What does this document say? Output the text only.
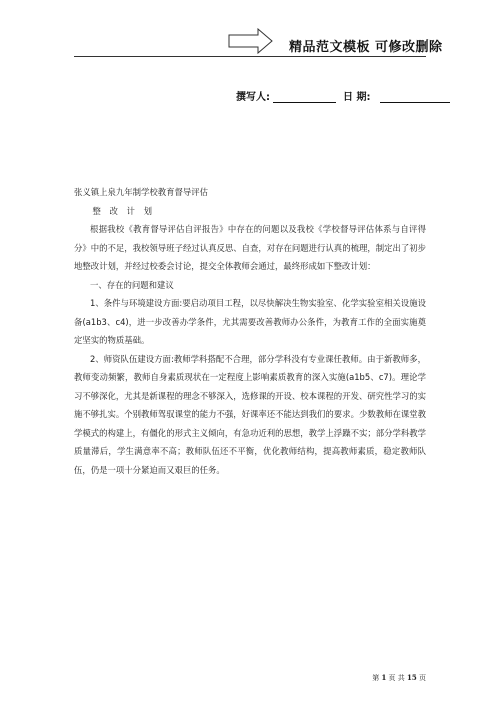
精品范文模板 可修改删除
撰写人:	日 期:

张义镇上泉九年制学校教育督导评估

整 改 计 划

根据我校《教育督导评估自评报告》中存在的问题以及我校《学校督导评估体系与自评得分》中的不足，我校领导班子经过认真反思、自查，对存在问题进行认真的梳理，制定出了初步地整改计划，并经过校委会讨论，提交全体教师会通过，最终形成如下整改计划：

一、存在的问题和建议

1、条件与环境建设方面:要启动项目工程，以尽快解决生物实验室、化学实验室相关设施设备(a1b3、c4)，进一步改善办学条件，尤其需要改善教师办公条件，为教育工作的全面实施奠定坚实的物质基础。

2、师资队伍建设方面:教师学科搭配不合理，部分学科没有专业课任教师。由于新教师多，教师变动频繁，教师自身素质现状在一定程度上影响素质教育的深入实施(a1b5、c7)。理论学习不够深化，尤其是新课程的理念不够深入，选修课的开设、校本课程的开发、研究性学习的实施不够扎实。个别教师驾驭课堂的能力不强，好课率还不能达到我们的要求。少数教师在课堂教学模式的构建上，有僵化的形式主义倾向，有急功近利的思想，教学上浮躁不实；部分学科教学质量滞后，学生满意率不高；教师队伍还不平衡，优化教师结构，提高教师素质，稳定教师队伍，仍是一项十分紧迫而又艰巨的任务。

第 1 页 共 15 页
